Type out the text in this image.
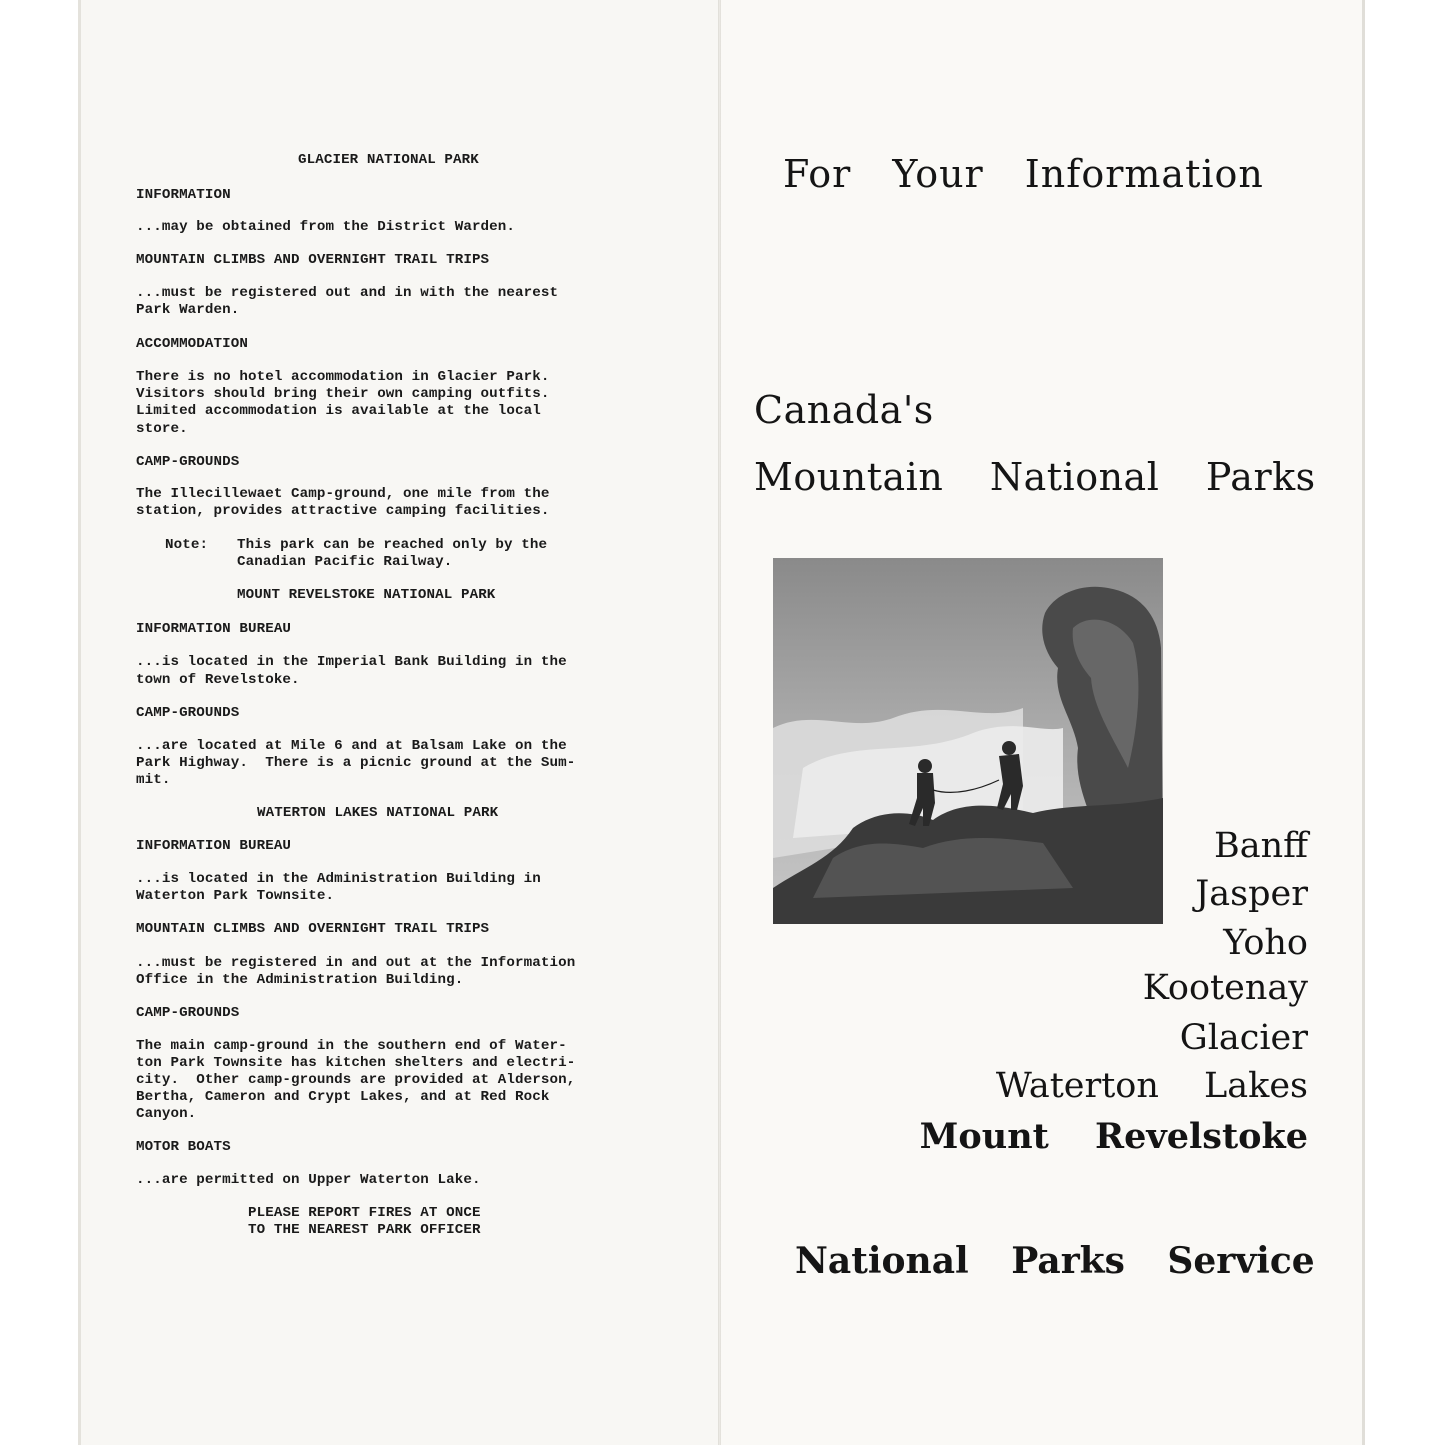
GLACIER NATIONAL PARK

INFORMATION

...may be obtained from the District Warden.

MOUNTAIN CLIMBS AND OVERNIGHT TRAIL TRIPS

...must be registered out and in with the nearest

Park Warden.

ACCOMMODATION

There is no hotel accommodation in Glacier Park.

Visitors should bring their own camping outfits.

Limited accommodation is available at the local

store.

CAMP-GROUNDS

The Illecillewaet Camp-ground, one mile from the

station, provides attractive camping facilities.

Note: This park can be reached only by the

Canadian Pacific Railway.

MOUNT REVELSTOKE NATIONAL PARK

INFORMATION BUREAU

...is located in the Imperial Bank Building in the

town of Revelstoke.

CAMP-GROUNDS

...are located at Mile 6 and at Balsam Lake on the

Park Highway.  There is a picnic ground at the Sum-

mit.

WATERTON LAKES NATIONAL PARK

INFORMATION BUREAU

...is located in the Administration Building in

Waterton Park Townsite.

MOUNTAIN CLIMBS AND OVERNIGHT TRAIL TRIPS

...must be registered in and out at the Information

Office in the Administration Building.

CAMP-GROUNDS

The main camp-ground in the southern end of Water-

ton Park Townsite has kitchen shelters and electri-

city.  Other camp-grounds are provided at Alderson,

Bertha, Cameron and Crypt Lakes, and at Red Rock

Canyon.

MOTOR BOATS

...are permitted on Upper Waterton Lake.

PLEASE REPORT FIRES AT ONCE

TO THE NEAREST PARK OFFICER

For Your Information

Canada's

Mountain National Parks

Banff

Jasper

Yoho

Kootenay

Glacier

Waterton Lakes

Mount Revelstoke

National Parks Service
